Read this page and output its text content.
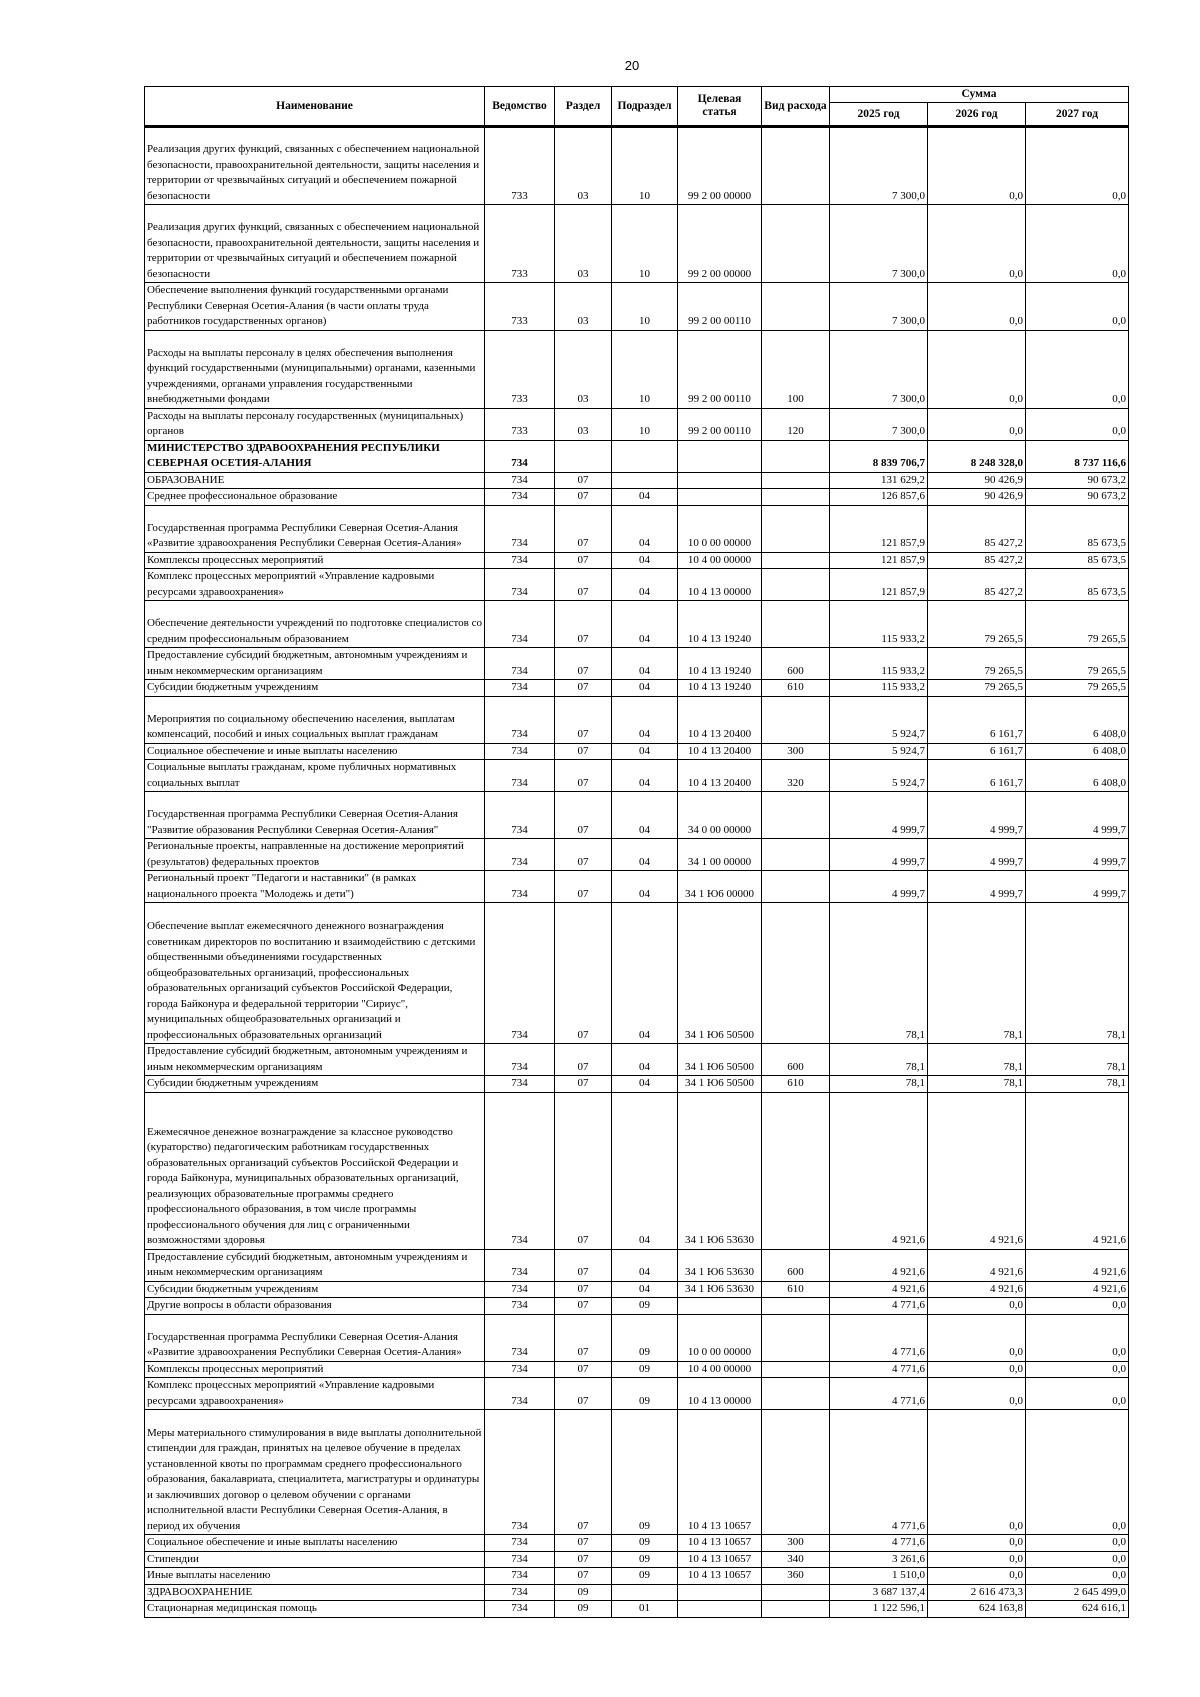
20
Наименование	Ведомство	Раздел	Подраздел	Целевая статья	Вид расхода	Сумма		
						2025 год	2026 год	2027 год
Реализация других функций, связанных с обеспечением национальной безопасности, правоохранительной деятельности, защиты населения и территории от чрезвычайных ситуаций и обеспечением пожарной безопасности	733	03	10	99 2 00 00000		7 300,0	0,0	0,0
Реализация других функций, связанных с обеспечением национальной безопасности, правоохранительной деятельности, защиты населения и территории от чрезвычайных ситуаций и обеспечением пожарной безопасности	733	03	10	99 2 00 00000		7 300,0	0,0	0,0
Обеспечение выполнения функций государственными органами Республики Северная Осетия-Алания (в части оплаты труда работников государственных органов)	733	03	10	99 2 00 00110		7 300,0	0,0	0,0
Расходы на выплаты персоналу в целях обеспечения выполнения функций государственными (муниципальными) органами, казенными учреждениями, органами управления государственными внебюджетными фондами	733	03	10	99 2 00 00110	100	7 300,0	0,0	0,0
Расходы на выплаты персоналу государственных (муниципальных) органов	733	03	10	99 2 00 00110	120	7 300,0	0,0	0,0
МИНИСТЕРСТВО ЗДРАВООХРАНЕНИЯ РЕСПУБЛИКИ СЕВЕРНАЯ ОСЕТИЯ-АЛАНИЯ	734					8 839 706,7	8 248 328,0	8 737 116,6
ОБРАЗОВАНИЕ	734	07				131 629,2	90 426,9	90 673,2
Среднее профессиональное образование	734	07	04			126 857,6	90 426,9	90 673,2
Государственная программа Республики Северная Осетия-Алания «Развитие здравоохранения Республики Северная Осетия-Алания»	734	07	04	10 0 00 00000		121 857,9	85 427,2	85 673,5
Комплексы процессных мероприятий	734	07	04	10 4 00 00000		121 857,9	85 427,2	85 673,5
Комплекс процессных мероприятий «Управление кадровыми ресурсами здравоохранения»	734	07	04	10 4 13 00000		121 857,9	85 427,2	85 673,5
Обеспечение деятельности учреждений по подготовке специалистов со средним профессиональным образованием	734	07	04	10 4 13 19240		115 933,2	79 265,5	79 265,5
Предоставление субсидий бюджетным, автономным учреждениям и иным некоммерческим организациям	734	07	04	10 4 13 19240	600	115 933,2	79 265,5	79 265,5
Субсидии бюджетным учреждениям	734	07	04	10 4 13 19240	610	115 933,2	79 265,5	79 265,5
Мероприятия по социальному обеспечению населения, выплатам компенсаций, пособий и иных социальных выплат гражданам	734	07	04	10 4 13 20400		5 924,7	6 161,7	6 408,0
Социальное обеспечение и иные выплаты населению	734	07	04	10 4 13 20400	300	5 924,7	6 161,7	6 408,0
Социальные выплаты гражданам, кроме публичных нормативных социальных выплат	734	07	04	10 4 13 20400	320	5 924,7	6 161,7	6 408,0
Государственная программа Республики Северная Осетия-Алания "Развитие образования Республики Северная Осетия-Алания"	734	07	04	34 0 00 00000		4 999,7	4 999,7	4 999,7
Региональные проекты, направленные на достижение мероприятий (результатов) федеральных проектов	734	07	04	34 1 00 00000		4 999,7	4 999,7	4 999,7
Региональный проект "Педагоги и наставники" (в рамках национального проекта "Молодежь и дети")	734	07	04	34 1 Ю6 00000		4 999,7	4 999,7	4 999,7
Обеспечение выплат ежемесячного денежного вознаграждения советникам директоров по воспитанию и взаимодействию с детскими общественными объединениями государственных общеобразовательных организаций, профессиональных образовательных организаций субъектов Российской Федерации, города Байконура и федеральной территории "Сириус", муниципальных общеобразовательных организаций и профессиональных образовательных организаций	734	07	04	34 1 Ю6 50500		78,1	78,1	78,1
Предоставление субсидий бюджетным, автономным учреждениям и иным некоммерческим организациям	734	07	04	34 1 Ю6 50500	600	78,1	78,1	78,1
Субсидии бюджетным учреждениям	734	07	04	34 1 Ю6 50500	610	78,1	78,1	78,1
Ежемесячное денежное вознаграждение за классное руководство (кураторство) педагогическим работникам государственных образовательных организаций субъектов Российской Федерации и города Байконура, муниципальных образовательных организаций, реализующих образовательные программы среднего профессионального образования, в том числе программы профессионального обучения для лиц с ограниченными возможностями здоровья	734	07	04	34 1 Ю6 53630		4 921,6	4 921,6	4 921,6
Предоставление субсидий бюджетным, автономным учреждениям и иным некоммерческим организациям	734	07	04	34 1 Ю6 53630	600	4 921,6	4 921,6	4 921,6
Субсидии бюджетным учреждениям	734	07	04	34 1 Ю6 53630	610	4 921,6	4 921,6	4 921,6
Другие вопросы в области образования	734	07	09			4 771,6	0,0	0,0
Государственная программа Республики Северная Осетия-Алания «Развитие здравоохранения Республики Северная Осетия-Алания»	734	07	09	10 0 00 00000		4 771,6	0,0	0,0
Комплексы процессных мероприятий	734	07	09	10 4 00 00000		4 771,6	0,0	0,0
Комплекс процессных мероприятий «Управление кадровыми ресурсами здравоохранения»	734	07	09	10 4 13 00000		4 771,6	0,0	0,0
Меры материального стимулирования в виде выплаты дополнительной стипендии для граждан, принятых на целевое обучение в пределах установленной квоты по программам среднего профессионального образования, бакалавриата, специалитета, магистратуры и ординатуры и заключивших договор о целевом обучении с органами исполнительной власти Республики Северная Осетия-Алания, в период их обучения	734	07	09	10 4 13 10657		4 771,6	0,0	0,0
Социальное обеспечение и иные выплаты населению	734	07	09	10 4 13 10657	300	4 771,6	0,0	0,0
Стипендии	734	07	09	10 4 13 10657	340	3 261,6	0,0	0,0
Иные выплаты населению	734	07	09	10 4 13 10657	360	1 510,0	0,0	0,0
ЗДРАВООХРАНЕНИЕ	734	09				3 687 137,4	2 616 473,3	2 645 499,0
Стационарная медицинская помощь	734	09	01			1 122 596,1	624 163,8	624 616,1
